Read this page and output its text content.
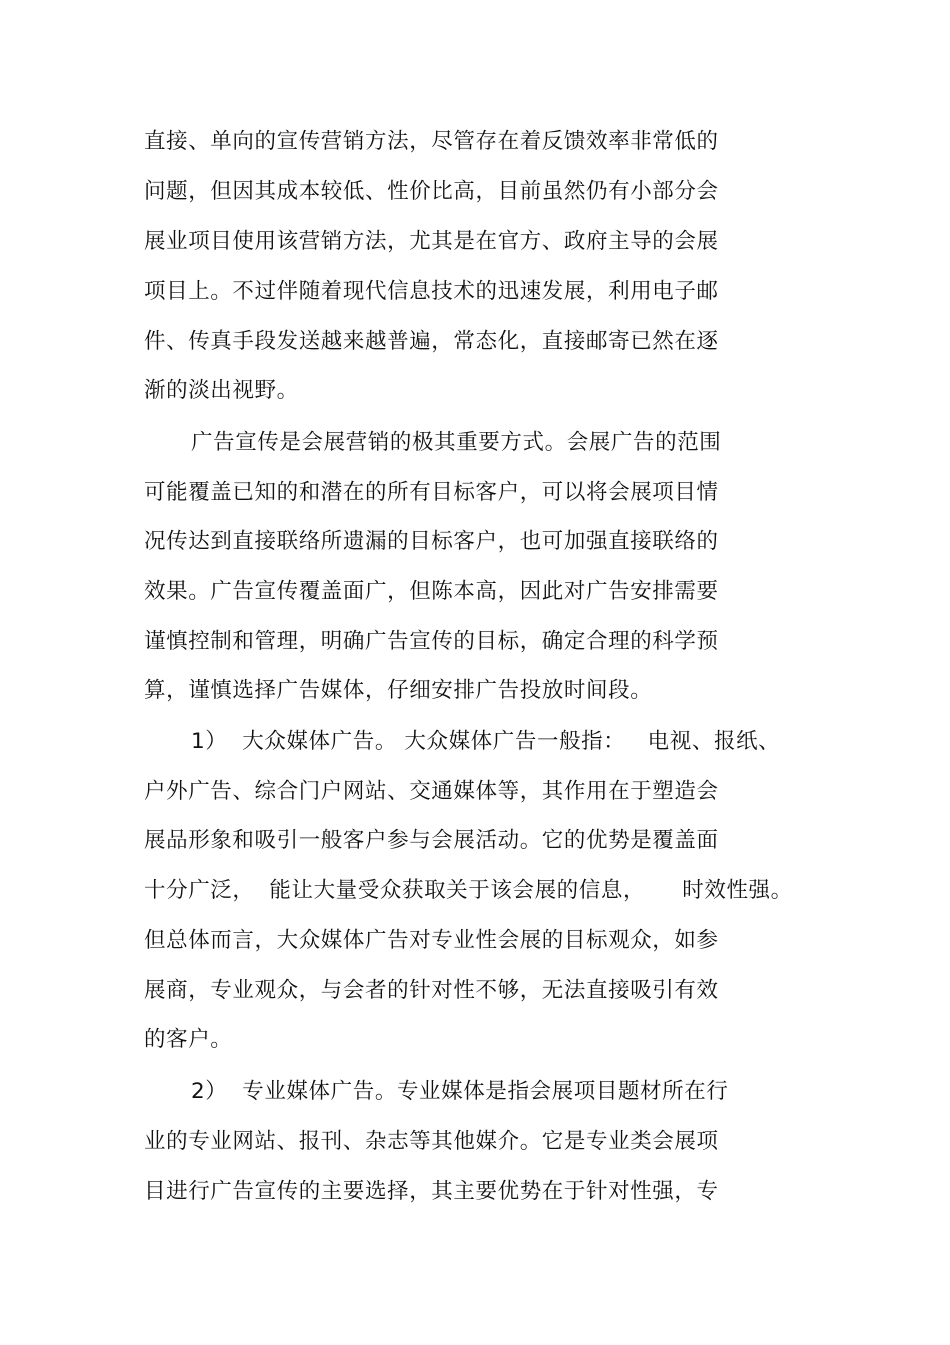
直接、单向的宣传营销方法，尽管存在着反馈效率非常低的
问题，但因其成本较低、性价比高，目前虽然仍有小部分会
展业项目使用该营销方法，尤其是在官方、政府主导的会展
项目上。不过伴随着现代信息技术的迅速发展，利用电子邮
件、传真手段发送越来越普遍，常态化，直接邮寄已然在逐
渐的淡出视野。
广告宣传是会展营销的极其重要方式。会展广告的范围
可能覆盖已知的和潜在的所有目标客户，可以将会展项目情
况传达到直接联络所遗漏的目标客户，也可加强直接联络的
效果。广告宣传覆盖面广，但陈本高，因此对广告安排需要
谨慎控制和管理，明确广告宣传的目标，确定合理的科学预
算，谨慎选择广告媒体，仔细安排广告投放时间段。
1）  大众媒体广告。 大众媒体广告一般指：   电视、报纸、
户外广告、综合门户网站、交通媒体等，其作用在于塑造会
展品形象和吸引一般客户参与会展活动。它的优势是覆盖面
十分广泛，  能让大量受众获取关于该会展的信息，     时效性强。
但总体而言，大众媒体广告对专业性会展的目标观众，如参
展商，专业观众，与会者的针对性不够，无法直接吸引有效
的客户。
2）  专业媒体广告。专业媒体是指会展项目题材所在行
业的专业网站、报刊、杂志等其他媒介。它是专业类会展项
目进行广告宣传的主要选择，其主要优势在于针对性强，专
